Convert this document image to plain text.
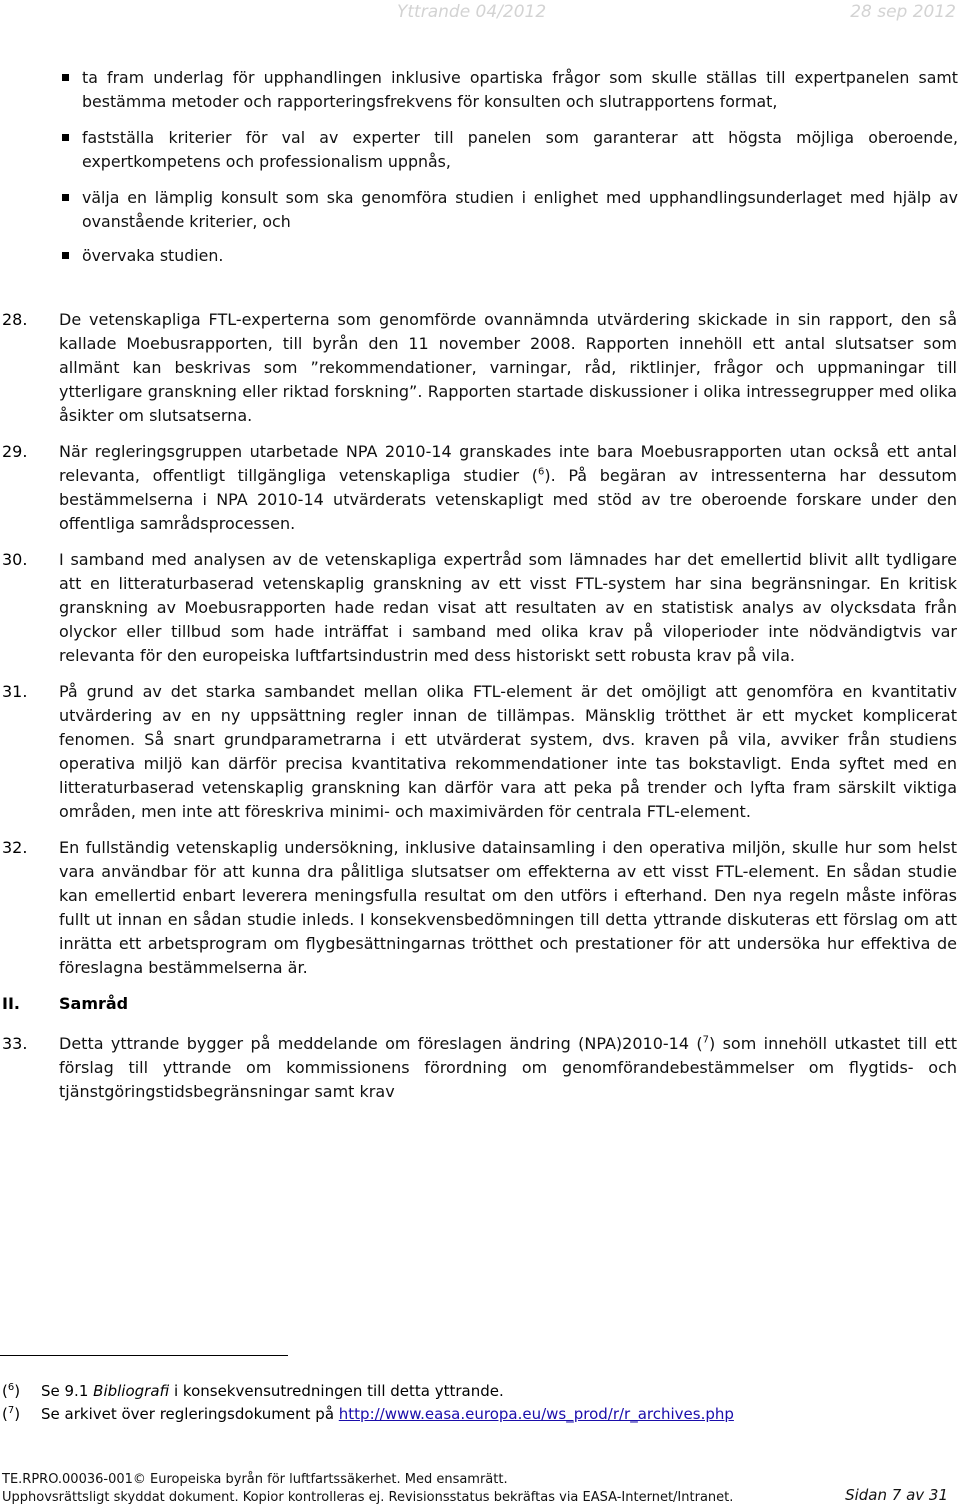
Yttrande 04/2012	28 sep 2012
ta fram underlag för upphandlingen inklusive opartiska frågor som skulle ställas till expertpanelen samt bestämma metoder och rapporteringsfrekvens för konsulten och slutrapportens format,
fastställa kriterier för val av experter till panelen som garanterar att högsta möjliga oberoende, expertkompetens och professionalism uppnås,
välja en lämplig konsult som ska genomföra studien i enlighet med upphandlingsunderlaget med hjälp av ovanstående kriterier, och
övervaka studien.
28. De vetenskapliga FTL-experterna som genomförde ovannämnda utvärdering skickade in sin rapport, den så kallade Moebusrapporten, till byrån den 11 november 2008. Rapporten innehöll ett antal slutsatser som allmänt kan beskrivas som ”rekommendationer, varningar, råd, riktlinjer, frågor och uppmaningar till ytterligare granskning eller riktad forskning”. Rapporten startade diskussioner i olika intressegrupper med olika åsikter om slutsatserna.
29. När regleringsgruppen utarbetade NPA 2010-14 granskades inte bara Moebusrapporten utan också ett antal relevanta, offentligt tillgängliga vetenskapliga studier ($^6$). På begäran av intressenterna har dessutom bestämmelserna i NPA 2010-14 utvärderats vetenskapligt med stöd av tre oberoende forskare under den offentliga samrådsprocessen.
30. I samband med analysen av de vetenskapliga expertråd som lämnades har det emellertid blivit allt tydligare att en litteraturbaserad vetenskaplig granskning av ett visst FTL-system har sina begränsningar. En kritisk granskning av Moebusrapporten hade redan visat att resultaten av en statistisk analys av olycksdata från olyckor eller tillbud som hade inträffat i samband med olika krav på viloperioder inte nödvändigtvis var relevanta för den europeiska luftfartsindustrin med dess historiskt sett robusta krav på vila.
31. På grund av det starka sambandet mellan olika FTL-element är det omöjligt att genomföra en kvantitativ utvärdering av en ny uppsättning regler innan de tillämpas. Mänsklig trötthet är ett mycket komplicerat fenomen. Så snart grundparametrarna i ett utvärderat system, dvs. kraven på vila, avviker från studiens operativa miljö kan därför precisa kvantitativa rekommendationer inte tas bokstavligt. Enda syftet med en litteraturbaserad vetenskaplig granskning kan därför vara att peka på trender och lyfta fram särskilt viktiga områden, men inte att föreskriva minimi- och maximivärden för centrala FTL-element.
32. En fullständig vetenskaplig undersökning, inklusive datainsamling i den operativa miljön, skulle hur som helst vara användbar för att kunna dra pålitliga slutsatser om effekterna av ett visst FTL-element. En sådan studie kan emellertid enbart leverera meningsfulla resultat om den utförs i efterhand. Den nya regeln måste införas fullt ut innan en sådan studie inleds. I konsekvensbedömningen till detta yttrande diskuteras ett förslag om att inrätta ett arbetsprogram om flygbesättningarnas trötthet och prestationer för att undersöka hur effektiva de föreslagna bestämmelserna är.
II. Samråd
33. Detta yttrande bygger på meddelande om föreslagen ändring (NPA)2010-14 ($^7$) som innehöll utkastet till ett förslag till yttrande om kommissionens förordning om genomförandebestämmelser om flygtids- och tjänstgöringstidsbegränsningar samt krav
($^6$) Se 9.1 Bibliografi i konsekvensutredningen till detta yttrande.
($^7$) Se arkivet över regleringsdokument på http://www.easa.europa.eu/ws_prod/r/r_archives.php
TE.RPRO.00036-001© Europeiska byrån för luftfartssäkerhet. Med ensamrätt.
Upphovsrättsligt skyddat dokument. Kopior kontrolleras ej. Revisionsstatus bekräftas via EASA-Internet/Intranet.	Sidan 7 av 31
